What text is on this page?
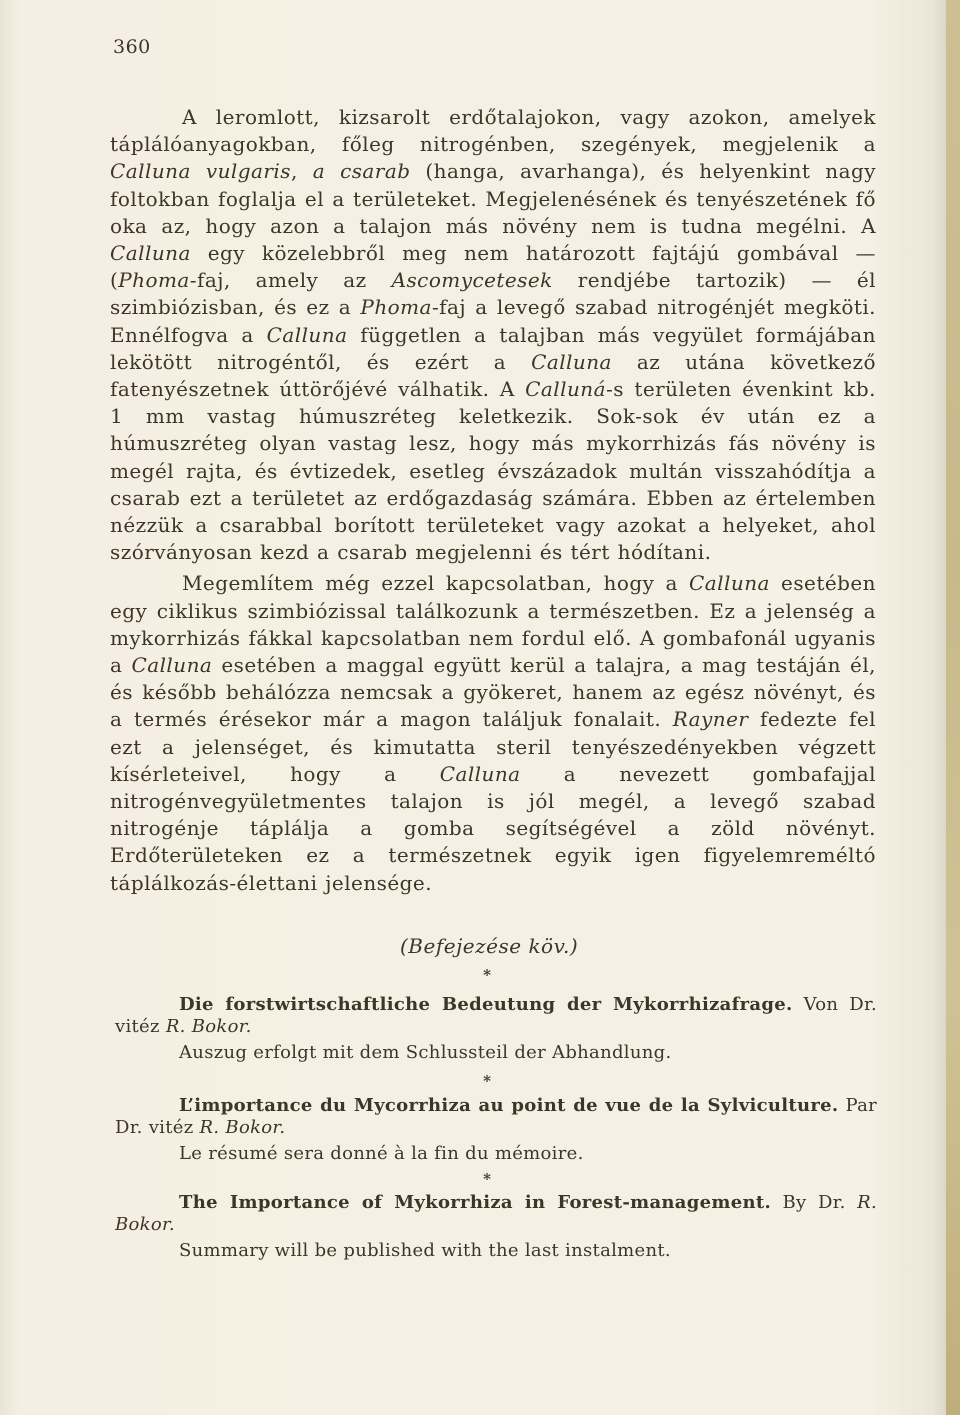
360

A leromlott, kizsarolt erdőtalajokon, vagy azokon, amelyek táplálóanyagokban, főleg nitrogénben, szegények, megjelenik a Calluna vulgaris, a csarab (hanga, avarhanga), és helyenkint nagy foltokban foglalja el a területeket. Megjelenésének és tenyészetének fő oka az, hogy azon a talajon más növény nem is tudna megélni. A Calluna egy közelebbről meg nem határozott fajtájú gombával — (Phoma-faj, amely az Ascomycetesek rendjébe tartozik) — él szimbiózisban, és ez a Phoma-faj a levegő szabad nitrogénjét megköti. Ennélfogva a Calluna független a talajban más vegyület formájában lekötött nitrogéntől, és ezért a Calluna az utána következő fatenyészetnek úttörőjévé válhatik. A Calluná-s területen évenkint kb. 1 mm vastag húmuszréteg keletkezik. Sok-sok év után ez a húmuszréteg olyan vastag lesz, hogy más mykorrhizás fás növény is megél rajta, és évtizedek, esetleg évszázadok multán visszahódítja a csarab ezt a területet az erdőgazdaság számára. Ebben az értelemben nézzük a csarabbal borított területeket vagy azokat a helyeket, ahol szórványosan kezd a csarab megjelenni és tért hódítani.

Megemlítem még ezzel kapcsolatban, hogy a Calluna esetében egy ciklikus szimbiózissal találkozunk a természetben. Ez a jelenség a mykorrhizás fákkal kapcsolatban nem fordul elő. A gombafonál ugyanis a Calluna esetében a maggal együtt kerül a talajra, a mag testáján él, és később behálózza nemcsak a gyökeret, hanem az egész növényt, és a termés érésekor már a magon találjuk fonalait. Rayner fedezte fel ezt a jelenséget, és kimutatta steril tenyészedényekben végzett kísérleteivel, hogy a Calluna a nevezett gombafajjal nitrogénvegyületmentes talajon is jól megél, a levegő szabad nitrogénje táplálja a gomba segítségével a zöld növényt. Erdőterületeken ez a természetnek egyik igen figyelemreméltó táplálkozás-élettani jelensége.

(Befejezése köv.)
*
Die forstwirtschaftliche Bedeutung der Mykorrhizafrage. Von Dr. vitéz R. Bokor.
Auszug erfolgt mit dem Schlussteil der Abhandlung.
*
L’importance du Mycorrhiza au point de vue de la Sylviculture. Par Dr. vitéz R. Bokor.
Le résumé sera donné à la fin du mémoire.
*
The Importance of Mykorrhiza in Forest-management. By Dr. R. Bokor.
Summary will be published with the last instalment.
